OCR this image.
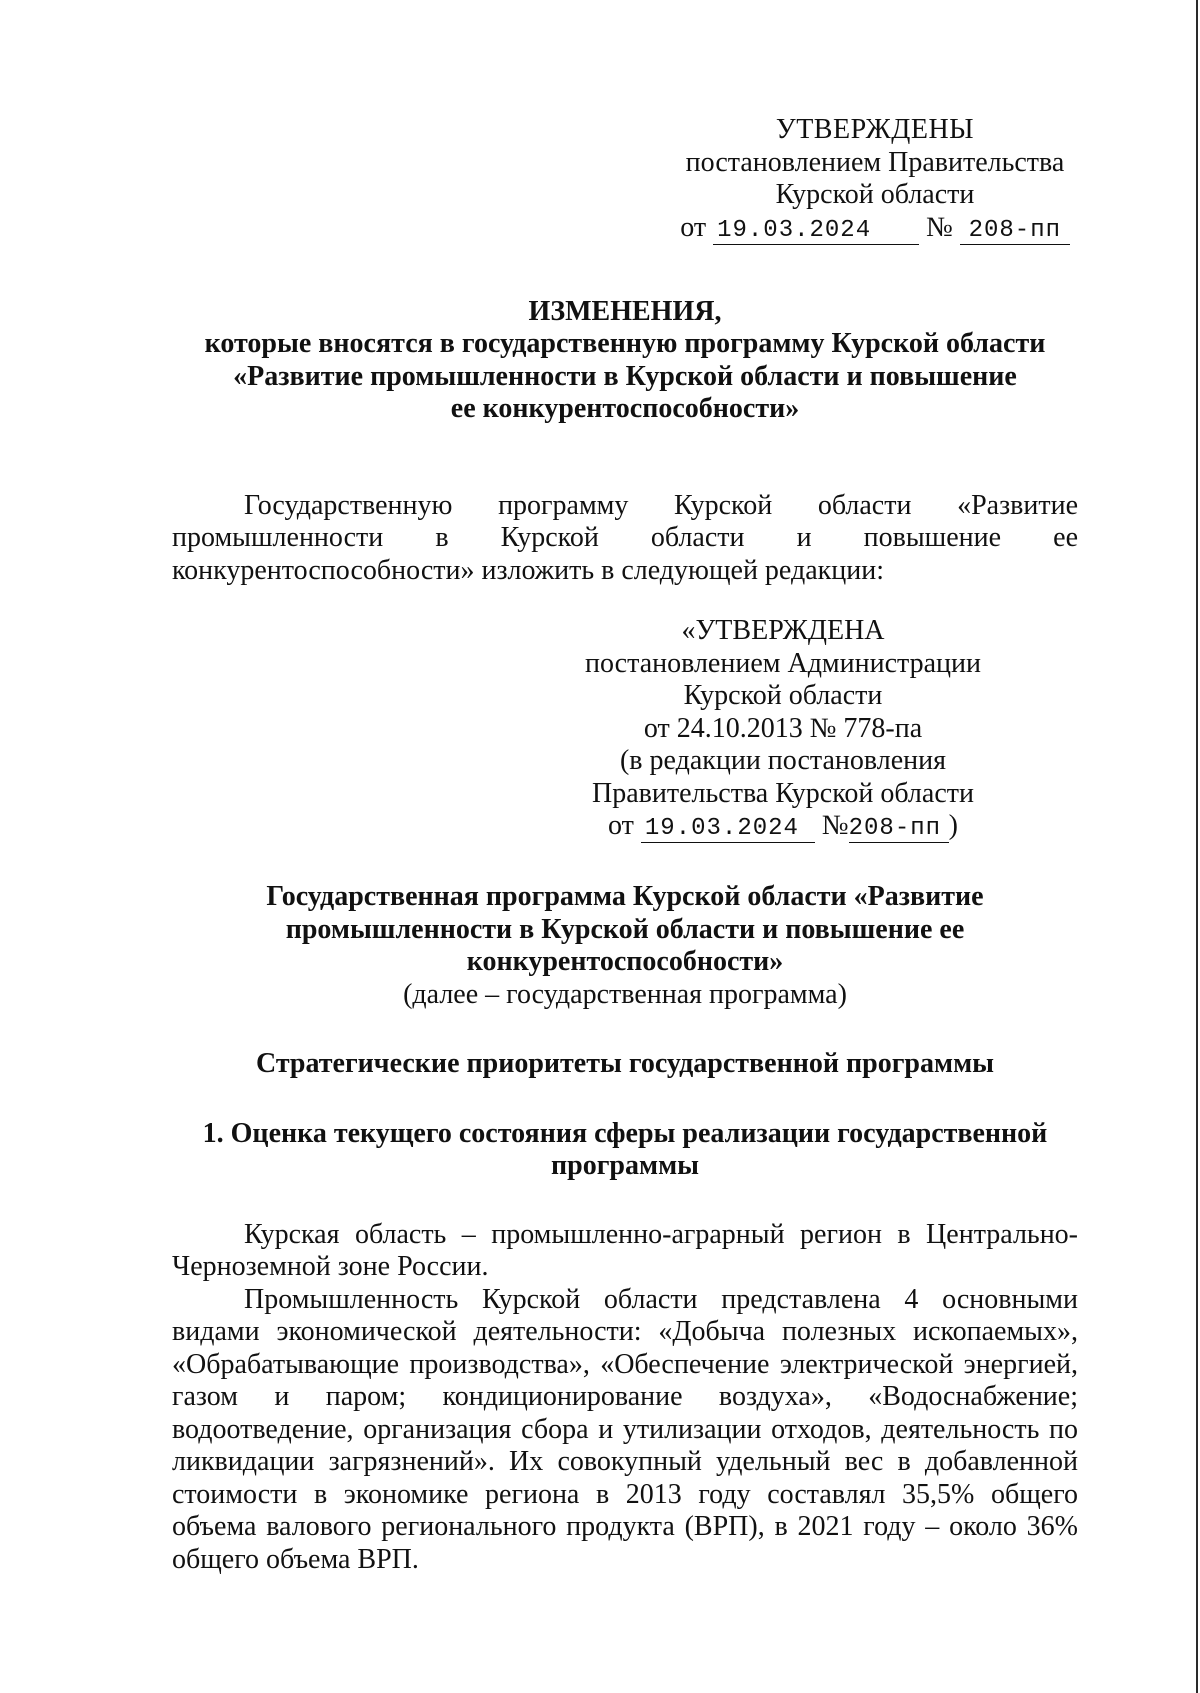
УТВЕРЖДЕНЫ
постановлением Правительства
Курской области
от 19.03.2024 № 208-пп
ИЗМЕНЕНИЯ,
которые вносятся в государственную программу Курской области
«Развитие промышленности в Курской области и повышение
ее конкурентоспособности»

Государственную программу Курской области «Развитие промышленности в Курской области и повышение ее конкурентоспособности» изложить в следующей редакции:

«УТВЕРЖДЕНА
постановлением Администрации
Курской области
от 24.10.2013 № 778-па
(в редакции постановления
Правительства Курской области
от 19.03.2024 №208-пп )
Государственная программа Курской области «Развитие
промышленности в Курской области и повышение ее
конкурентоспособности»
(далее – государственная программа)
Стратегические приоритеты государственной программы
1. Оценка текущего состояния сферы реализации государственной
программы

Курская область – промышленно-аграрный регион в Центрально-Черноземной зоне России.

Промышленность Курской области представлена 4 основными видами экономической деятельности: «Добыча полезных ископаемых», «Обрабатывающие производства», «Обеспечение электрической энергией, газом и паром; кондиционирование воздуха», «Водоснабжение; водоотведение, организация сбора и утилизации отходов, деятельность по ликвидации загрязнений». Их совокупный удельный вес в добавленной стоимости в экономике региона в 2013 году составлял 35,5% общего объема валового регионального продукта (ВРП), в 2021 году – около 36% общего объема ВРП.
